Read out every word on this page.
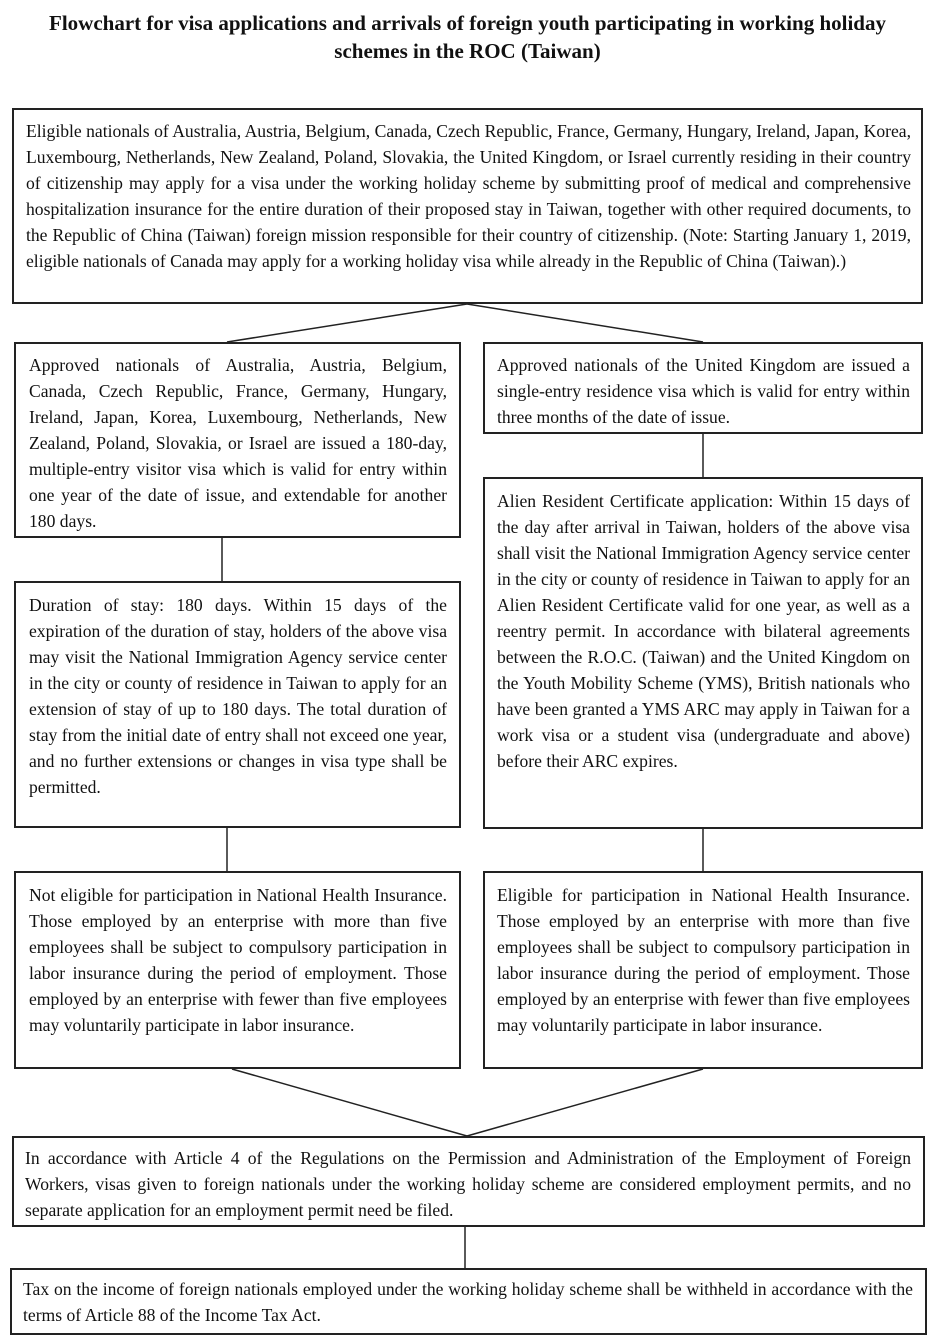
Flowchart for visa applications and arrivals of foreign youth participating in working holiday schemes in the ROC (Taiwan)
Eligible nationals of Australia, Austria, Belgium, Canada, Czech Republic, France, Germany, Hungary, Ireland, Japan, Korea, Luxembourg, Netherlands, New Zealand, Poland, Slovakia, the United Kingdom, or Israel currently residing in their country of citizenship may apply for a visa under the working holiday scheme by submitting proof of medical and comprehensive hospitalization insurance for the entire duration of their proposed stay in Taiwan, together with other required documents, to the Republic of China (Taiwan) foreign mission responsible for their country of citizenship. (Note: Starting January 1, 2019, eligible nationals of Canada may apply for a working holiday visa while already in the Republic of China (Taiwan).)
Approved nationals of Australia, Austria, Belgium, Canada, Czech Republic, France, Germany, Hungary, Ireland, Japan, Korea, Luxembourg, Netherlands, New Zealand, Poland, Slovakia, or Israel are issued a 180-day, multiple-entry visitor visa which is valid for entry within one year of the date of issue, and extendable for another 180 days.
Approved nationals of the United Kingdom are issued a single-entry residence visa which is valid for entry within three months of the date of issue.
Duration of stay: 180 days. Within 15 days of the expiration of the duration of stay, holders of the above visa may visit the National Immigration Agency service center in the city or county of residence in Taiwan to apply for an extension of stay of up to 180 days. The total duration of stay from the initial date of entry shall not exceed one year, and no further extensions or changes in visa type shall be permitted.
Alien Resident Certificate application: Within 15 days of the day after arrival in Taiwan, holders of the above visa shall visit the National Immigration Agency service center in the city or county of residence in Taiwan to apply for an Alien Resident Certificate valid for one year, as well as a reentry permit. In accordance with bilateral agreements between the R.O.C. (Taiwan) and the United Kingdom on the Youth Mobility Scheme (YMS), British nationals who have been granted a YMS ARC may apply in Taiwan for a work visa or a student visa (undergraduate and above) before their ARC expires.
Not eligible for participation in National Health Insurance. Those employed by an enterprise with more than five employees shall be subject to compulsory participation in labor insurance during the period of employment. Those employed by an enterprise with fewer than five employees may voluntarily participate in labor insurance.
Eligible for participation in National Health Insurance. Those employed by an enterprise with more than five employees shall be subject to compulsory participation in labor insurance during the period of employment. Those employed by an enterprise with fewer than five employees may voluntarily participate in labor insurance.
In accordance with Article 4 of the Regulations on the Permission and Administration of the Employment of Foreign Workers, visas given to foreign nationals under the working holiday scheme are considered employment permits, and no separate application for an employment permit need be filed.
Tax on the income of foreign nationals employed under the working holiday scheme shall be withheld in accordance with the terms of Article 88 of the Income Tax Act.
